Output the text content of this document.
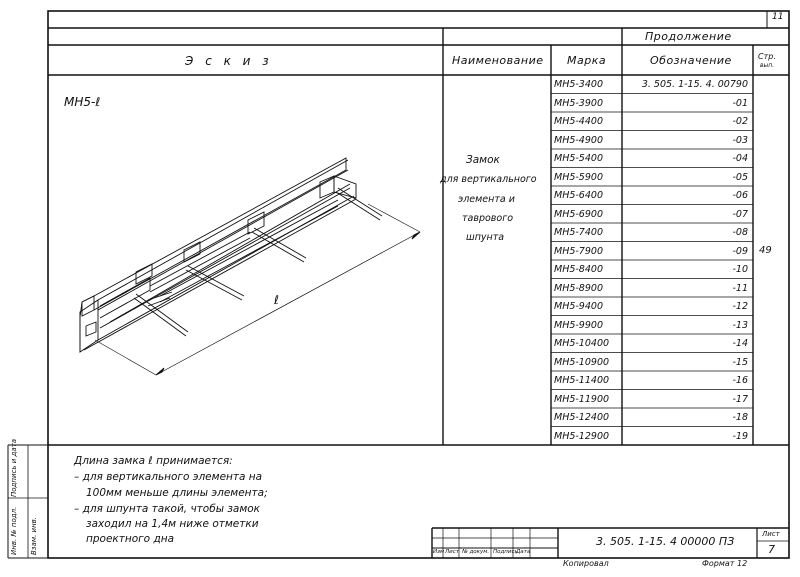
11
Продолжение
Э с к и з	Наименование Марка	Обозначение	Стр.
вып.
МН5-ℓ
ℓ
Замок
для вертикального
элемента и
таврового
шпунта
49
МН5-3400	3. 505. 1-15. 4. 00790
МН5-3900	-01
МН5-4400	-02
МН5-4900	-03
МН5-5400	-04
МН5-5900	-05
МН5-6400	-06
МН5-6900	-07
МН5-7400	-08
МН5-7900	-09
МН5-8400	-10
МН5-8900	-11
МН5-9400	-12
МН5-9900	-13
МН5-10400	-14
МН5-10900	-15
МН5-11400	-16
МН5-11900	-17
МН5-12400	-18
МН5-12900	-19
Длина замка ℓ принимается:
– для вертикального элемента на
100мм меньше длины элемента;
– для шпунта такой, чтобы замок
заходил на 1,4м ниже отметки
проектного дна
Инв. № подл.
Подпись и дата
Взам. инв.	Изм Лист № докум. Подпись
Дата
3. 505. 1-15. 4 00000 ПЗ
Лист
7
Копировал	Формат 12
